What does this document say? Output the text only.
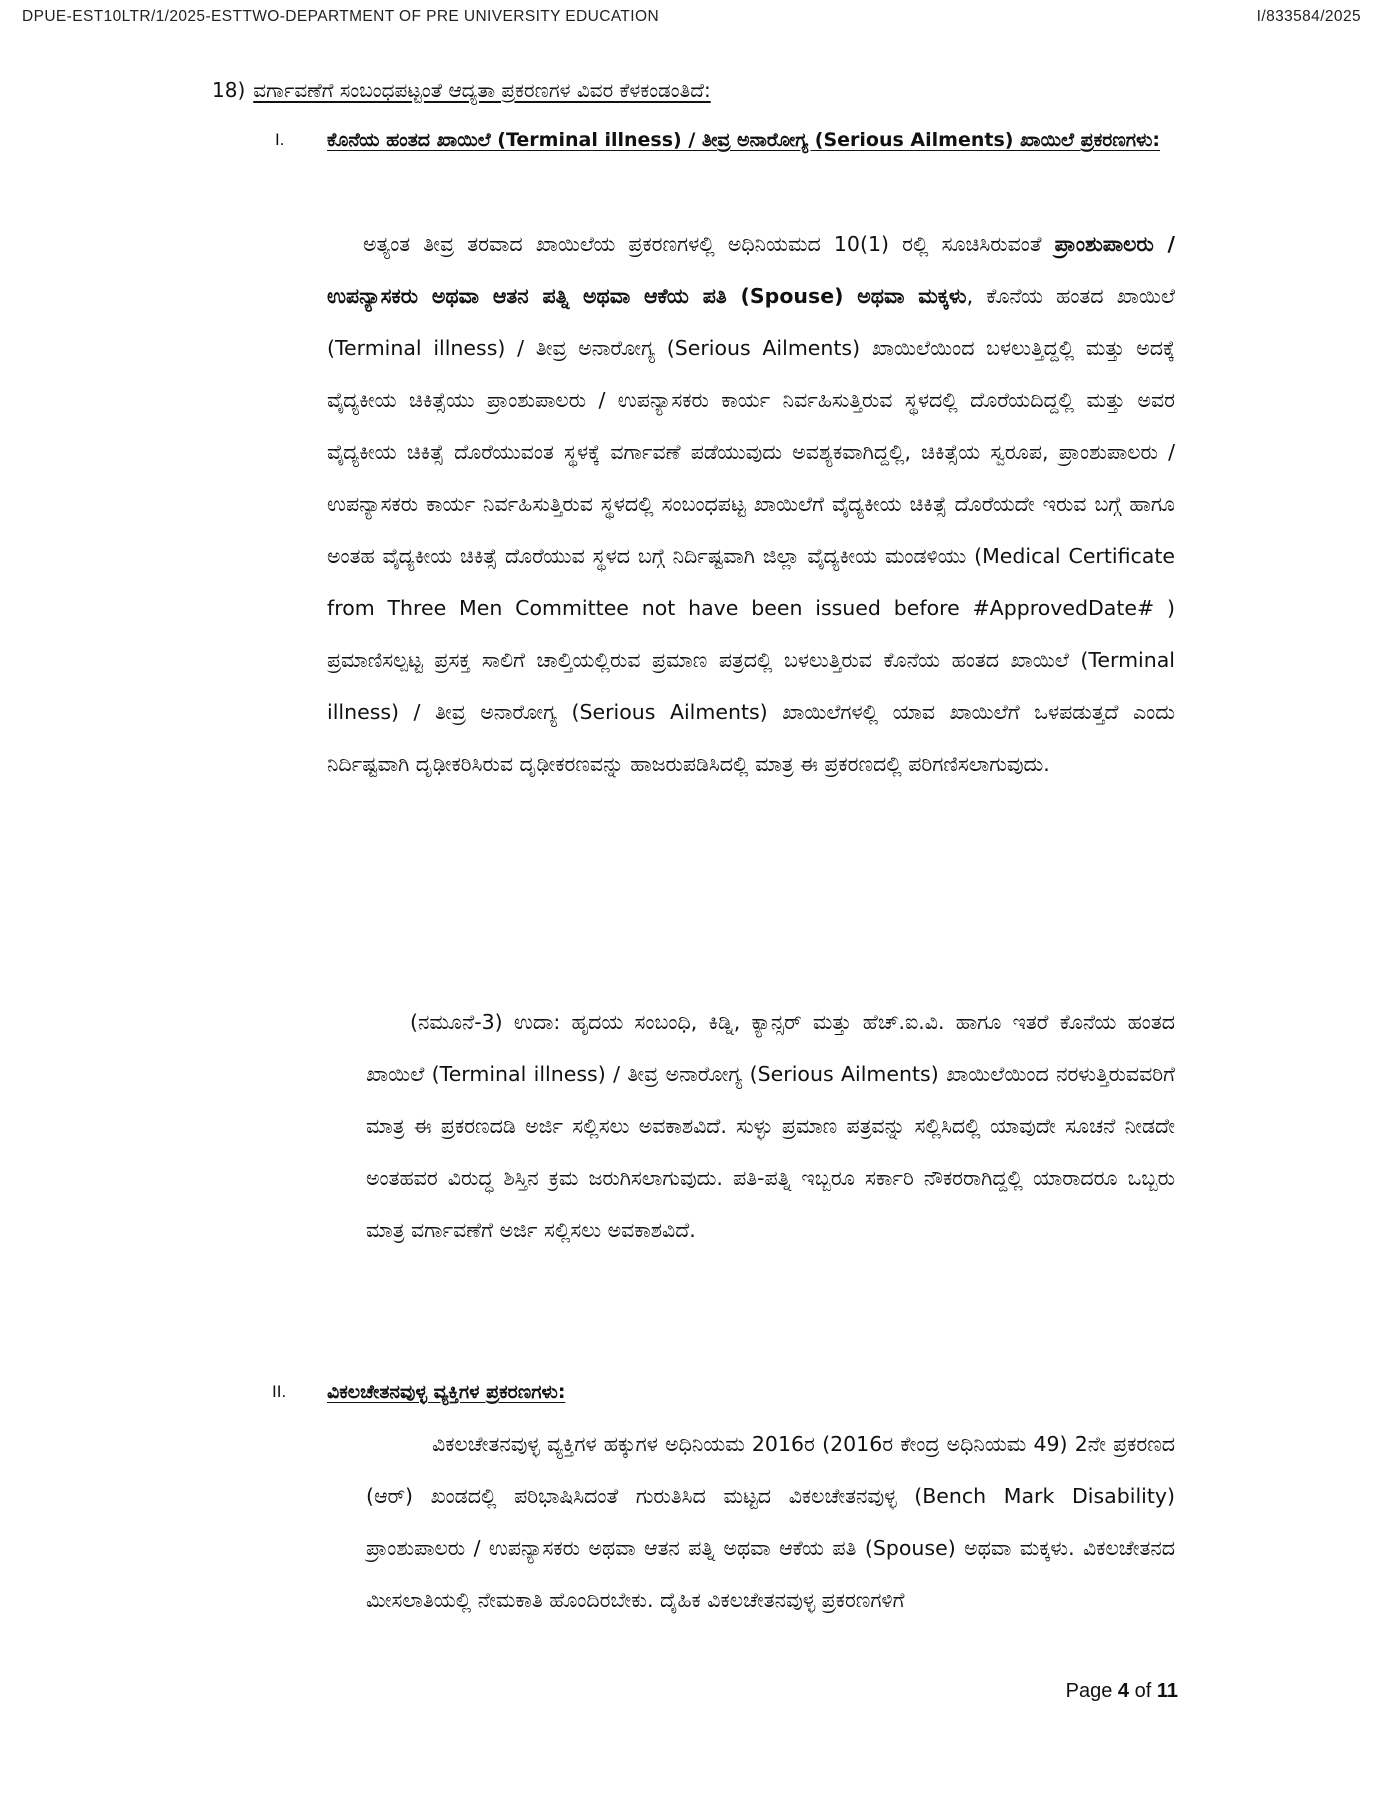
DPUE-EST10LTR/1/2025-ESTTWO-DEPARTMENT OF PRE UNIVERSITY EDUCATION	I/833584/2025
18) ವರ್ಗಾವಣೆಗೆ ಸಂಬಂಧಪಟ್ಟಂತೆ ಆದ್ಯತಾ ಪ್ರಕರಣಗಳ ವಿವರ ಕೆಳಕಂಡಂತಿದೆ:
I. ಕೊನೆಯ ಹಂತದ ಖಾಯಿಲೆ (Terminal illness) / ತೀವ್ರ ಅನಾರೋಗ್ಯ (Serious Ailments) ಖಾಯಿಲೆ ಪ್ರಕರಣಗಳು:
ಅತ್ಯಂತ ತೀವ್ರ ತರವಾದ ಖಾಯಿಲೆಯ ಪ್ರಕರಣಗಳಲ್ಲಿ ಅಧಿನಿಯಮದ 10(1) ರಲ್ಲಿ ಸೂಚಿಸಿರುವಂತೆ ಪ್ರಾಂಶುಪಾಲರು / ಉಪನ್ಯಾಸಕರು ಅಥವಾ ಆತನ ಪತ್ನಿ ಅಥವಾ ಆಕೆಯ ಪತಿ (Spouse) ಅಥವಾ ಮಕ್ಕಳು, ಕೊನೆಯ ಹಂತದ ಖಾಯಿಲೆ (Terminal illness) / ತೀವ್ರ ಅನಾರೋಗ್ಯ (Serious Ailments) ಖಾಯಿಲೆಯಿಂದ ಬಳಲುತ್ತಿದ್ದಲ್ಲಿ ಮತ್ತು ಅದಕ್ಕೆ ವೈದ್ಯಕೀಯ ಚಿಕಿತ್ಸೆಯು ಪ್ರಾಂಶುಪಾಲರು / ಉಪನ್ಯಾಸಕರು ಕಾರ್ಯ ನಿರ್ವಹಿಸುತ್ತಿರುವ ಸ್ಥಳದಲ್ಲಿ ದೊರೆಯದಿದ್ದಲ್ಲಿ ಮತ್ತು ಅವರ ವೈದ್ಯಕೀಯ ಚಿಕಿತ್ಸೆ ದೊರೆಯುವಂತ ಸ್ಥಳಕ್ಕೆ ವರ್ಗಾವಣೆ ಪಡೆಯುವುದು ಅವಶ್ಯಕವಾಗಿದ್ದಲ್ಲಿ, ಚಿಕಿತ್ಸೆಯ ಸ್ವರೂಪ, ಪ್ರಾಂಶುಪಾಲರು / ಉಪನ್ಯಾಸಕರು ಕಾರ್ಯ ನಿರ್ವಹಿಸುತ್ತಿರುವ ಸ್ಥಳದಲ್ಲಿ ಸಂಬಂಧಪಟ್ಟ ಖಾಯಿಲೆಗೆ ವೈದ್ಯಕೀಯ ಚಿಕಿತ್ಸೆ ದೊರೆಯದೇ ಇರುವ ಬಗ್ಗೆ ಹಾಗೂ ಅಂತಹ ವೈದ್ಯಕೀಯ ಚಿಕಿತ್ಸೆ ದೊರೆಯುವ ಸ್ಥಳದ ಬಗ್ಗೆ ನಿರ್ದಿಷ್ಟವಾಗಿ ಜಿಲ್ಲಾ ವೈದ್ಯಕೀಯ ಮಂಡಳಿಯು (Medical Certificate from Three Men Committee not have been issued before #ApprovedDate# ) ಪ್ರಮಾಣಿಸಲ್ಪಟ್ಟ ಪ್ರಸಕ್ತ ಸಾಲಿಗೆ ಚಾಲ್ತಿಯಲ್ಲಿರುವ ಪ್ರಮಾಣ ಪತ್ರದಲ್ಲಿ ಬಳಲುತ್ತಿರುವ ಕೊನೆಯ ಹಂತದ ಖಾಯಿಲೆ (Terminal illness) / ತೀವ್ರ ಅನಾರೋಗ್ಯ (Serious Ailments) ಖಾಯಿಲೆಗಳಲ್ಲಿ ಯಾವ ಖಾಯಿಲೆಗೆ ಒಳಪಡುತ್ತದೆ ಎಂದು ನಿರ್ದಿಷ್ಟವಾಗಿ ದೃಢೀಕರಿಸಿರುವ ದೃಢೀಕರಣವನ್ನು ಹಾಜರುಪಡಿಸಿದಲ್ಲಿ ಮಾತ್ರ ಈ ಪ್ರಕರಣದಲ್ಲಿ ಪರಿಗಣಿಸಲಾಗುವುದು.
(ನಮೂನೆ-3) ಉದಾ: ಹೃದಯ ಸಂಬಂಧಿ, ಕಿಡ್ನಿ, ಕ್ಯಾನ್ಸರ್ ಮತ್ತು ಹೆಚ್.ಐ.ವಿ. ಹಾಗೂ ಇತರೆ ಕೊನೆಯ ಹಂತದ ಖಾಯಿಲೆ (Terminal illness) / ತೀವ್ರ ಅನಾರೋಗ್ಯ (Serious Ailments) ಖಾಯಿಲೆಯಿಂದ ನರಳುತ್ತಿರುವವರಿಗೆ ಮಾತ್ರ ಈ ಪ್ರಕರಣದಡಿ ಅರ್ಜಿ ಸಲ್ಲಿಸಲು ಅವಕಾಶವಿದೆ. ಸುಳ್ಳು ಪ್ರಮಾಣ ಪತ್ರವನ್ನು ಸಲ್ಲಿಸಿದಲ್ಲಿ ಯಾವುದೇ ಸೂಚನೆ ನೀಡದೇ ಅಂತಹವರ ವಿರುದ್ಧ ಶಿಸ್ತಿನ ಕ್ರಮ ಜರುಗಿಸಲಾಗುವುದು. ಪತಿ-ಪತ್ನಿ ಇಬ್ಬರೂ ಸರ್ಕಾರಿ ನೌಕರರಾಗಿದ್ದಲ್ಲಿ ಯಾರಾದರೂ ಒಬ್ಬರು ಮಾತ್ರ ವರ್ಗಾವಣೆಗೆ ಅರ್ಜಿ ಸಲ್ಲಿಸಲು ಅವಕಾಶವಿದೆ.
II. ವಿಕಲಚೇತನವುಳ್ಳ ವ್ಯಕ್ತಿಗಳ ಪ್ರಕರಣಗಳು:
ವಿಕಲಚೇತನವುಳ್ಳ ವ್ಯಕ್ತಿಗಳ ಹಕ್ಕುಗಳ ಅಧಿನಿಯಮ 2016ರ (2016ರ ಕೇಂದ್ರ ಅಧಿನಿಯಮ 49) 2ನೇ ಪ್ರಕರಣದ (ಆರ್) ಖಂಡದಲ್ಲಿ ಪರಿಭಾಷಿಸಿದಂತೆ ಗುರುತಿಸಿದ ಮಟ್ಟದ ವಿಕಲಚೇತನವುಳ್ಳ (Bench Mark Disability) ಪ್ರಾಂಶುಪಾಲರು / ಉಪನ್ಯಾಸಕರು ಅಥವಾ ಆತನ ಪತ್ನಿ ಅಥವಾ ಆಕೆಯ ಪತಿ (Spouse) ಅಥವಾ ಮಕ್ಕಳು. ವಿಕಲಚೇತನದ ಮೀಸಲಾತಿಯಲ್ಲಿ ನೇಮಕಾತಿ ಹೊಂದಿರಬೇಕು. ದೈಹಿಕ ವಿಕಲಚೇತನವುಳ್ಳ ಪ್ರಕರಣಗಳಿಗೆ
Page 4 of 11
